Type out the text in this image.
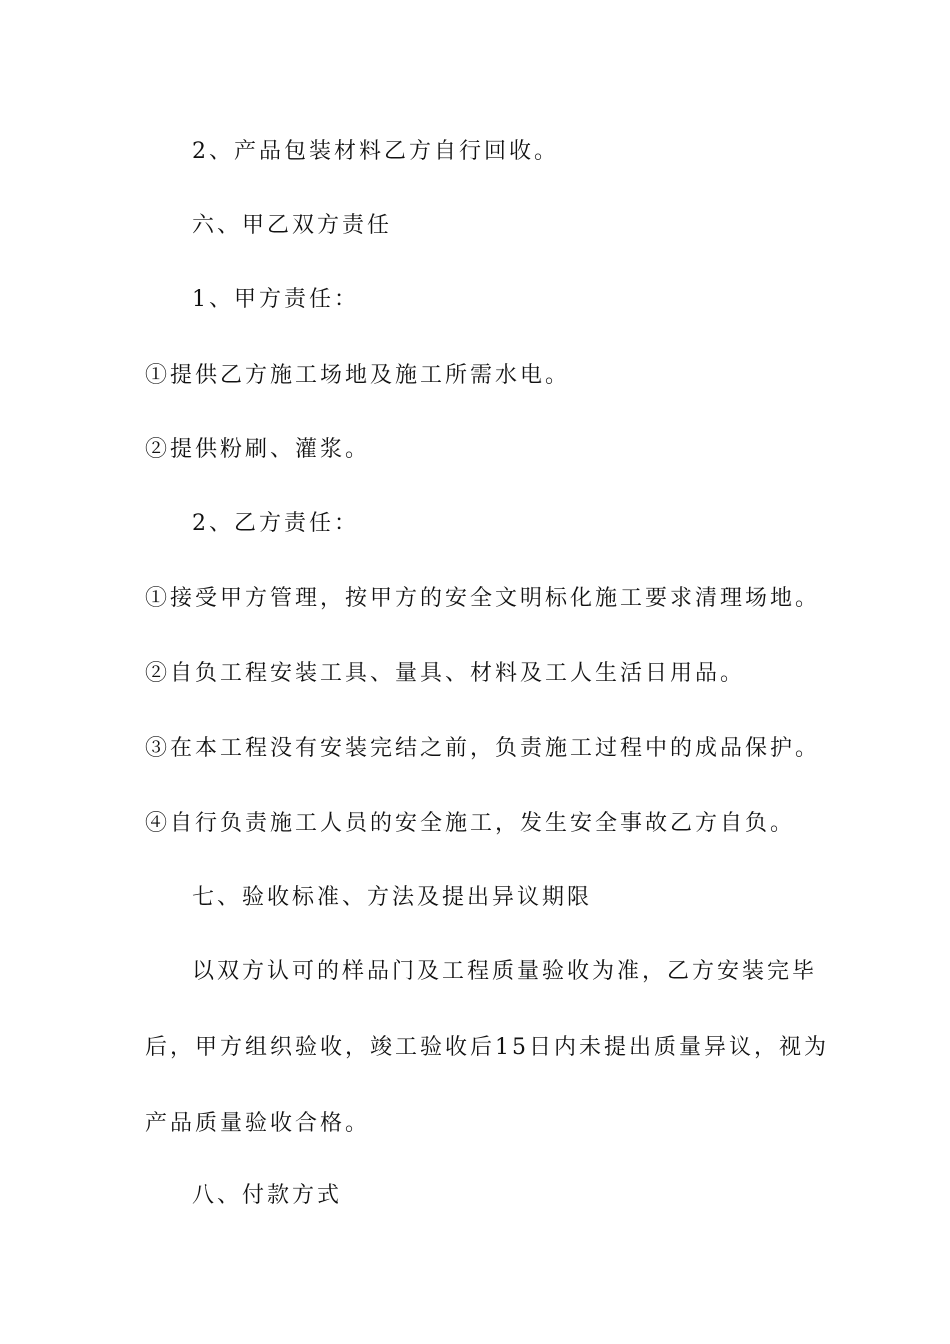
2、产品包装材料乙方自行回收。
六、甲乙双方责任
1、甲方责任：
①提供乙方施工场地及施工所需水电。
②提供粉刷、灌浆。
2、乙方责任：
①接受甲方管理，按甲方的安全文明标化施工要求清理场地。
②自负工程安装工具、量具、材料及工人生活日用品。
③在本工程没有安装完结之前，负责施工过程中的成品保护。
④自行负责施工人员的安全施工，发生安全事故乙方自负。
七、验收标准、方法及提出异议期限
以双方认可的样品门及工程质量验收为准，乙方安装完毕
后，甲方组织验收，竣工验收后15日内未提出质量异议，视为
产品质量验收合格。
八、付款方式
